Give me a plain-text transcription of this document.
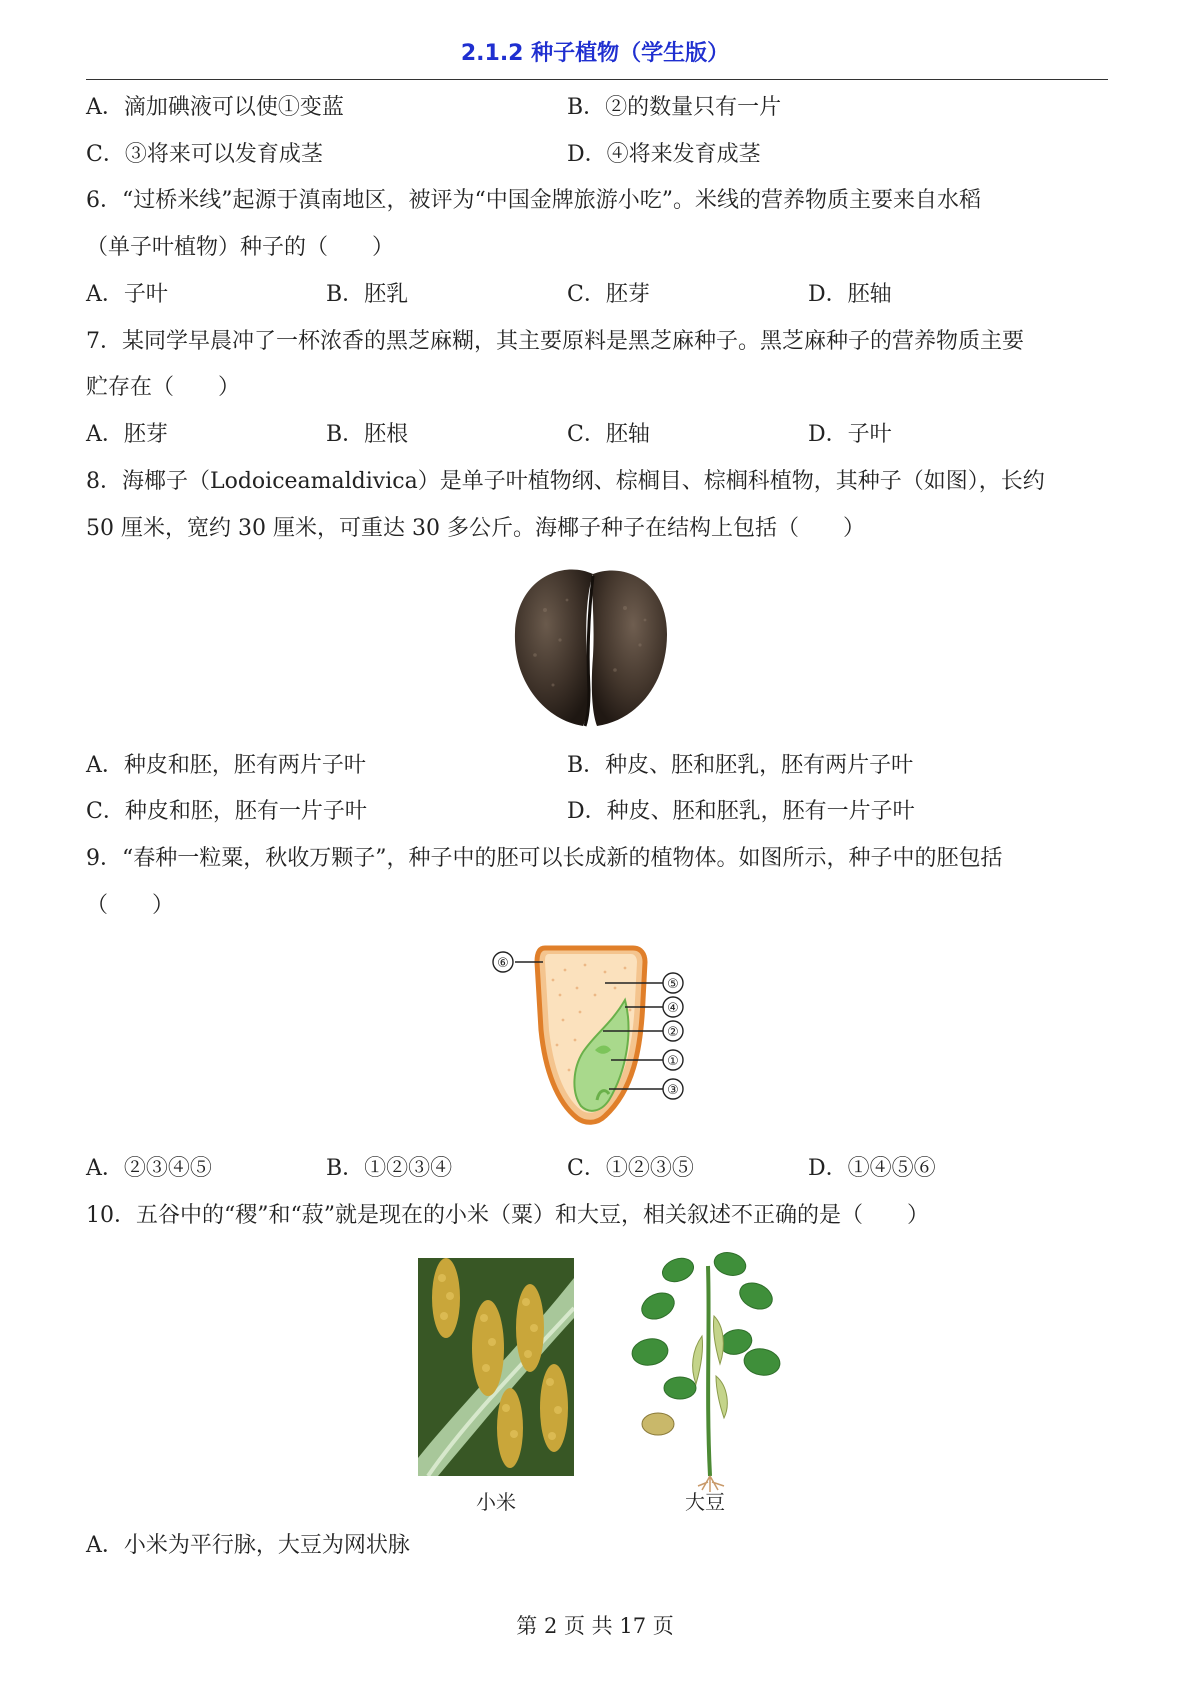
2.1.2 种子植物（学生版）
A．滴加碘液可以使①变蓝	B．②的数量只有一片
C．③将来可以发育成茎	D．④将来发育成茎
6．“过桥米线”起源于滇南地区，被评为“中国金牌旅游小吃”。米线的营养物质主要来自水稻
（单子叶植物）种子的（　　）
A．子叶	B．胚乳	C．胚芽	D．胚轴
7．某同学早晨冲了一杯浓香的黑芝麻糊，其主要原料是黑芝麻种子。黑芝麻种子的营养物质主要
贮存在（　　）
A．胚芽	B．胚根	C．胚轴	D．子叶
8．海椰子（Lodoiceamaldivica）是单子叶植物纲、棕榈目、棕榈科植物，其种子（如图），长约
50 厘米，宽约 30 厘米，可重达 30 多公斤。海椰子种子在结构上包括（　　）
A．种皮和胚，胚有两片子叶	B．种皮、胚和胚乳，胚有两片子叶
C．种皮和胚，胚有一片子叶	D．种皮、胚和胚乳，胚有一片子叶
9．“春种一粒粟，秋收万颗子”，种子中的胚可以长成新的植物体。如图所示，种子中的胚包括
（　　）
⑥
⑤
④
②
①
③
A．②③④⑤	B．①②③④	C．①②③⑤	D．①④⑤⑥
10．五谷中的“稷”和“菽”就是现在的小米（粟）和大豆，相关叙述不正确的是（　　）
小米	大豆
A．小米为平行脉，大豆为网状脉
第 2 页 共 17 页
